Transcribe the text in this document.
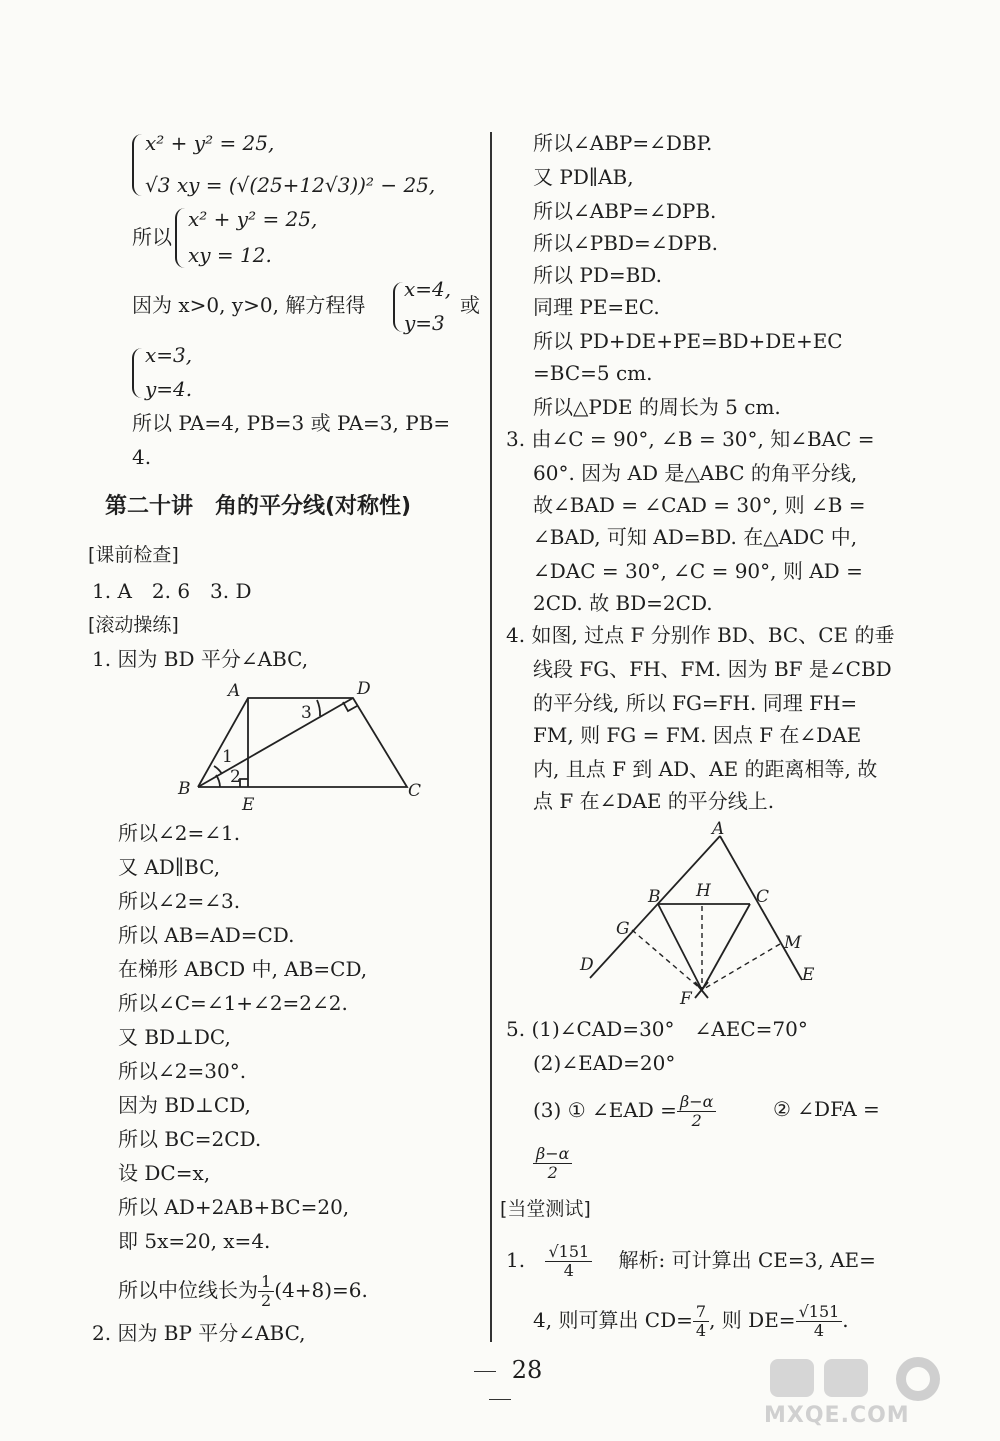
x² + y² = 25,
√3 xy = (√(25+12√3))² − 25,
所以
x² + y² = 25,
xy = 12.
因为 x>0, y>0, 解方程得
x=4,
y=3
或
x=3,
y=4.
所以 PA=4, PB=3 或 PA=3, PB=
4.
第二十讲　角的平分线(对称性)
[课前检查]
1. A　2. 6　3. D
[滚动操练]
1. 因为 BD 平分∠ABC,
A	D
B	C
E
1
2
3
所以∠2=∠1.
又 AD∥BC,
所以∠2=∠3.
所以 AB=AD=CD.
在梯形 ABCD 中, AB=CD,
所以∠C=∠1+∠2=2∠2.
又 BD⊥DC,
所以∠2=30°.
因为 BD⊥CD,
所以 BC=2CD.
设 DC=x,
所以 AD+2AB+BC=20,
即 5x=20, x=4.
所以中位线长为 $\frac{1}{2} (4+8)=6$.
2. 因为 BP 平分∠ABC,
所以∠ABP=∠DBP.
又 PD∥AB,
所以∠ABP=∠DPB.
所以∠PBD=∠DPB.
所以 PD=BD.
同理 PE=EC.
所以 PD+DE+PE=BD+DE+EC
=BC=5 cm.
所以△PDE 的周长为 5 cm.
3. 由∠C = 90°, ∠B = 30°, 知∠BAC =
60°. 因为 AD 是△ABC 的角平分线,
故∠BAD = ∠CAD = 30°, 则 ∠B =
∠BAD, 可知 AD=BD. 在△ADC 中,
∠DAC = 30°, ∠C = 90°, 则 AD =
2CD. 故 BD=2CD.
4. 如图, 过点 F 分别作 BD、BC、CE 的垂
线段 FG、FH、FM. 因为 BF 是∠CBD
的平分线, 所以 FG=FH. 同理 FH=
FM, 则 FG = FM. 因点 F 在∠DAE
内, 且点 F 到 AD、AE 的距离相等, 故
点 F 在∠DAE 的平分线上.
A
B H	C
G
M
D	E
F
5. (1)∠CAD=30°　∠AEC=70°
(2)∠EAD=20°
(3) ① ∠EAD = $\frac{\beta-\alpha}{2}$	② ∠DFA =
$\frac{\beta-\alpha}{2}$
[当堂测试]
1. $\frac{√151}{4}$ 解析: 可计算出 CE=3, AE=
4, 则可算出 $CD= \frac{7}{4}$ , 则 $DE= \frac{√151}{4}$ .
28
MXQE.COM
